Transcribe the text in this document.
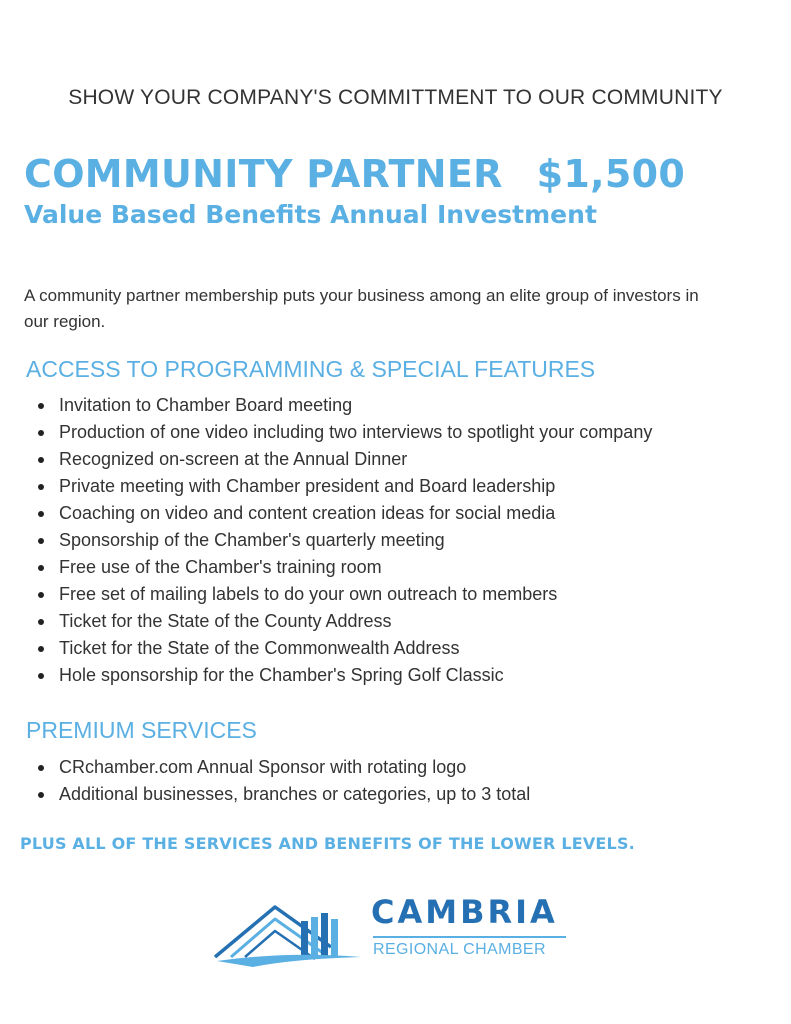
SHOW YOUR COMPANY'S COMMITTMENT TO OUR COMMUNITY
COMMUNITY PARTNER $1,500
Value Based Benefits Annual Investment

A community partner membership puts your business among an elite group of investors in our region.

ACCESS TO PROGRAMMING & SPECIAL FEATURES
Invitation to Chamber Board meeting
Production of one video including two interviews to spotlight your company
Recognized on-screen at the Annual Dinner
Private meeting with Chamber president and Board leadership
Coaching on video and content creation ideas for social media
Sponsorship of the Chamber's quarterly meeting
Free use of the Chamber's training room
Free set of mailing labels to do your own outreach to members
Ticket for the State of the County Address
Ticket for the State of the Commonwealth Address
Hole sponsorship for the Chamber's Spring Golf Classic
PREMIUM SERVICES
CRchamber.com Annual Sponsor with rotating logo
Additional businesses, branches or categories, up to 3 total

PLUS ALL OF THE SERVICES AND BENEFITS OF THE LOWER LEVELS.

CAMBRIA
REGIONAL CHAMBER
